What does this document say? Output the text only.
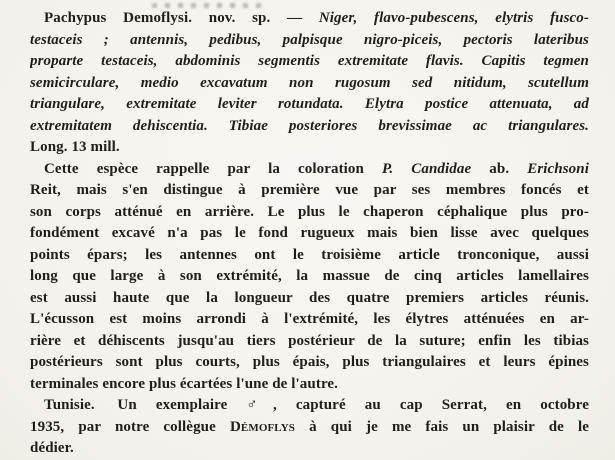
Pachypus Demoflysi. nov. sp. — Niger, flavo-pubescens, elytris fusco-
testaceis ; antennis, pedibus, palpisque nigro-piceis, pectoris lateribus
proparte testaceis, abdominis segmentis extremitate flavis. Capitis tegmen
semicirculare, medio excavatum non rugosum sed nitidum, scutellum
triangulare, extremitate leviter rotundata. Elytra postice attenuata, ad
extremitatem dehiscentia. Tibiae posteriores brevissimae ac triangulares.
Long. 13 mill.
Cette espèce rappelle par la coloration P. Candidae ab. Erichsoni
Reit, mais s'en distingue à première vue par ses membres foncés et
son corps atténué en arrière. Le plus le chaperon céphalique plus pro-
fondément excavé n'a pas le fond rugueux mais bien lisse avec quelques
points épars; les antennes ont le troisième article tronconique, aussi
long que large à son extrémité, la massue de cinq articles lamellaires
est aussi haute que la longueur des quatre premiers articles réunis.
L'écusson est moins arrondi à l'extrémité, les élytres atténuées en ar-
rière et déhiscents jusqu'au tiers postérieur de la suture; enfin les tibias
postérieurs sont plus courts, plus épais, plus triangulaires et leurs épines
terminales encore plus écartées l'une de l'autre.
Tunisie.  Un exemplaire ♂, capturé au cap Serrat, en octobre
1935, par notre collègue Démoflys à qui je me fais un plaisir de le
dédier.
